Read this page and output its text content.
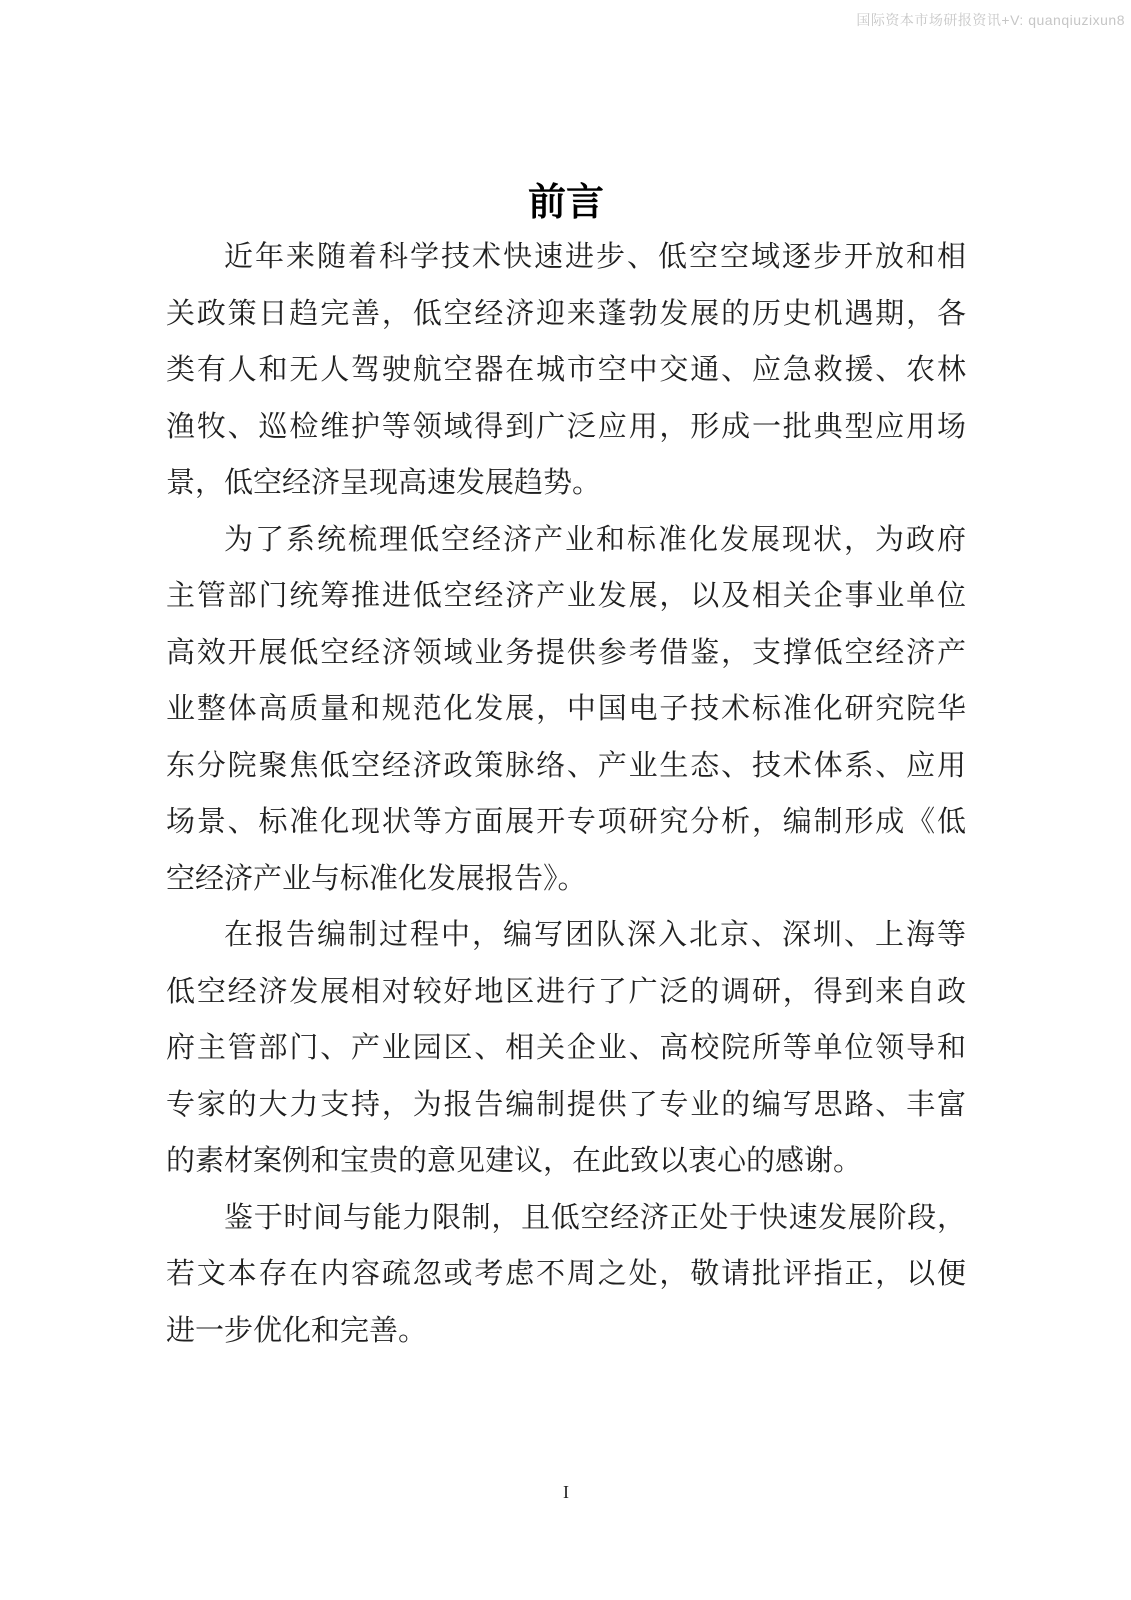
国际资本市场研报资讯+V: quanqiuzixun8
前言
近年来随着科学技术快速进步、低空空域逐步开放和相
关政策日趋完善，低空经济迎来蓬勃发展的历史机遇期，各
类有人和无人驾驶航空器在城市空中交通、应急救援、农林
渔牧、巡检维护等领域得到广泛应用，形成一批典型应用场
景，低空经济呈现高速发展趋势。
为了系统梳理低空经济产业和标准化发展现状，为政府
主管部门统筹推进低空经济产业发展，以及相关企事业单位
高效开展低空经济领域业务提供参考借鉴，支撑低空经济产
业整体高质量和规范化发展，中国电子技术标准化研究院华
东分院聚焦低空经济政策脉络、产业生态、技术体系、应用
场景、标准化现状等方面展开专项研究分析，编制形成《低
空经济产业与标准化发展报告》。
在报告编制过程中，编写团队深入北京、深圳、上海等
低空经济发展相对较好地区进行了广泛的调研，得到来自政
府主管部门、产业园区、相关企业、高校院所等单位领导和
专家的大力支持，为报告编制提供了专业的编写思路、丰富
的素材案例和宝贵的意见建议，在此致以衷心的感谢。
鉴于时间与能力限制，且低空经济正处于快速发展阶段，
若文本存在内容疏忽或考虑不周之处，敬请批评指正，以便
进一步优化和完善。
I
